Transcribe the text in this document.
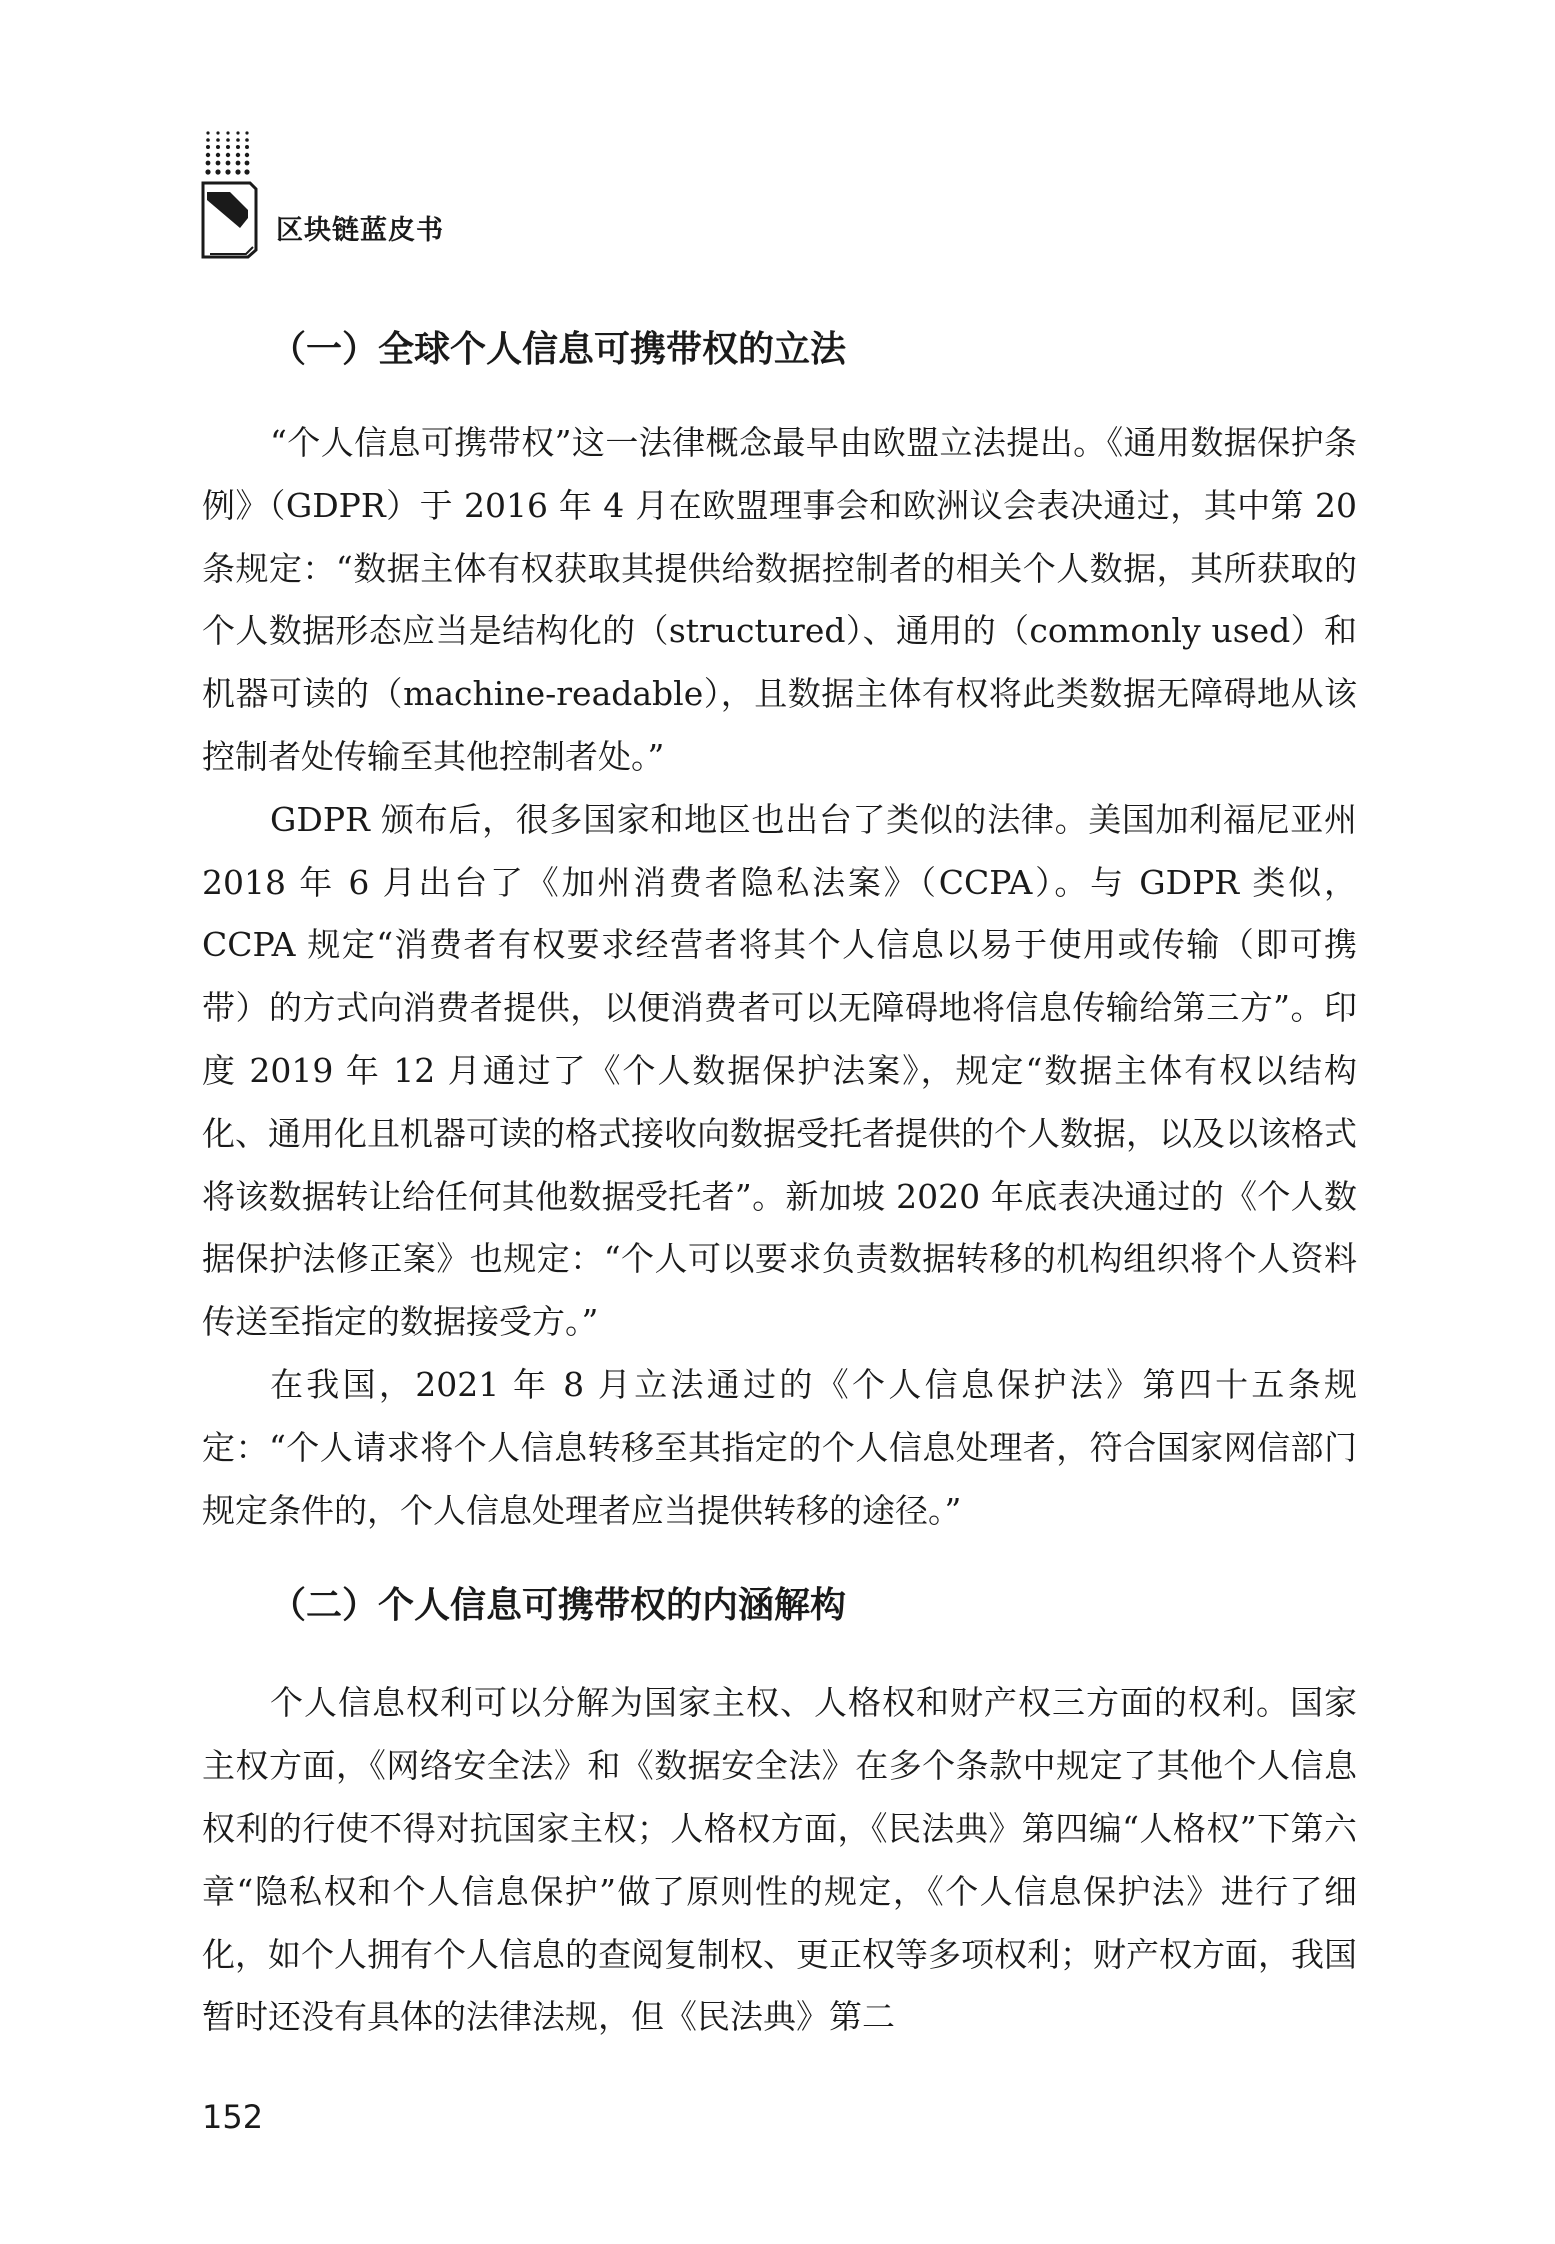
区块链蓝皮书
（一）全球个人信息可携带权的立法

“个人信息可携带权”这一法律概念最早由欧盟立法提出。《通用数据保护条例》（GDPR）于 2016 年 4 月在欧盟理事会和欧洲议会表决通过，其中第 20 条规定：“数据主体有权获取其提供给数据控制者的相关个人数据，其所获取的个人数据形态应当是结构化的（structured）、通用的（commonly used）和机器可读的（machine-readable），且数据主体有权将此类数据无障碍地从该控制者处传输至其他控制者处。”

GDPR 颁布后，很多国家和地区也出台了类似的法律。美国加利福尼亚州 2018 年 6 月出台了《加州消费者隐私法案》（CCPA）。与 GDPR 类似，CCPA 规定“消费者有权要求经营者将其个人信息以易于使用或传输（即可携带）的方式向消费者提供，以便消费者可以无障碍地将信息传输给第三方”。印度 2019 年 12 月通过了《个人数据保护法案》，规定“数据主体有权以结构化、通用化且机器可读的格式接收向数据受托者提供的个人数据，以及以该格式将该数据转让给任何其他数据受托者”。新加坡 2020 年底表决通过的《个人数据保护法修正案》也规定：“个人可以要求负责数据转移的机构组织将个人资料传送至指定的数据接受方。”

在我国，2021 年 8 月立法通过的《个人信息保护法》第四十五条规定：“个人请求将个人信息转移至其指定的个人信息处理者，符合国家网信部门规定条件的，个人信息处理者应当提供转移的途径。”

（二）个人信息可携带权的内涵解构

个人信息权利可以分解为国家主权、人格权和财产权三方面的权利。国家主权方面，《网络安全法》和《数据安全法》在多个条款中规定了其他个人信息权利的行使不得对抗国家主权；人格权方面，《民法典》第四编“人格权”下第六章“隐私权和个人信息保护”做了原则性的规定，《个人信息保护法》进行了细化，如个人拥有个人信息的查阅复制权、更正权等多项权利；财产权方面，我国暂时还没有具体的法律法规，但《民法典》第二

152
